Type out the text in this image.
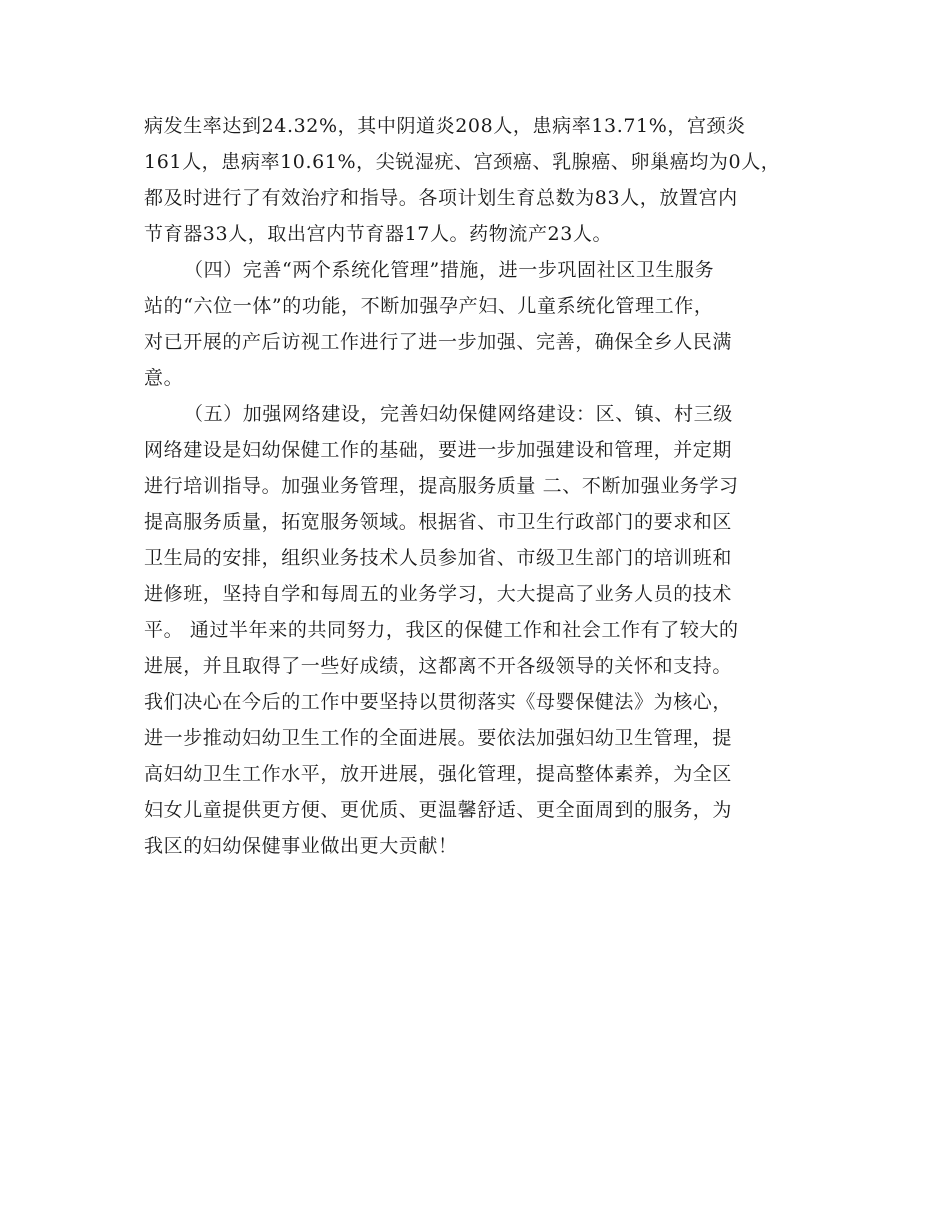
病发生率达到24.32%，其中阴道炎208人，患病率13.71%，宫颈炎
161人，患病率10.61%，尖锐湿疣、宫颈癌、乳腺癌、卵巢癌均为0人，
都及时进行了有效治疗和指导。各项计划生育总数为83人，放置宫内
节育器33人，取出宫内节育器17人。药物流产23人。
（四）完善“两个系统化管理”措施，进一步巩固社区卫生服务
站的“六位一体”的功能，不断加强孕产妇、儿童系统化管理工作，
对已开展的产后访视工作进行了进一步加强、完善，确保全乡人民满
意。
（五）加强网络建设，完善妇幼保健网络建设：区、镇、村三级
网络建设是妇幼保健工作的基础，要进一步加强建设和管理，并定期
进行培训指导。加强业务管理，提高服务质量 二、不断加强业务学习
提高服务质量，拓宽服务领域。根据省、市卫生行政部门的要求和区
卫生局的安排，组织业务技术人员参加省、市级卫生部门的培训班和
进修班，坚持自学和每周五的业务学习，大大提高了业务人员的技术
平。 通过半年来的共同努力，我区的保健工作和社会工作有了较大的
进展，并且取得了一些好成绩，这都离不开各级领导的关怀和支持。
我们决心在今后的工作中要坚持以贯彻落实《母婴保健法》为核心，
进一步推动妇幼卫生工作的全面进展。要依法加强妇幼卫生管理，提
高妇幼卫生工作水平，放开进展，强化管理，提高整体素养，为全区
妇女儿童提供更方便、更优质、更温馨舒适、更全面周到的服务，为
我区的妇幼保健事业做出更大贡献！
